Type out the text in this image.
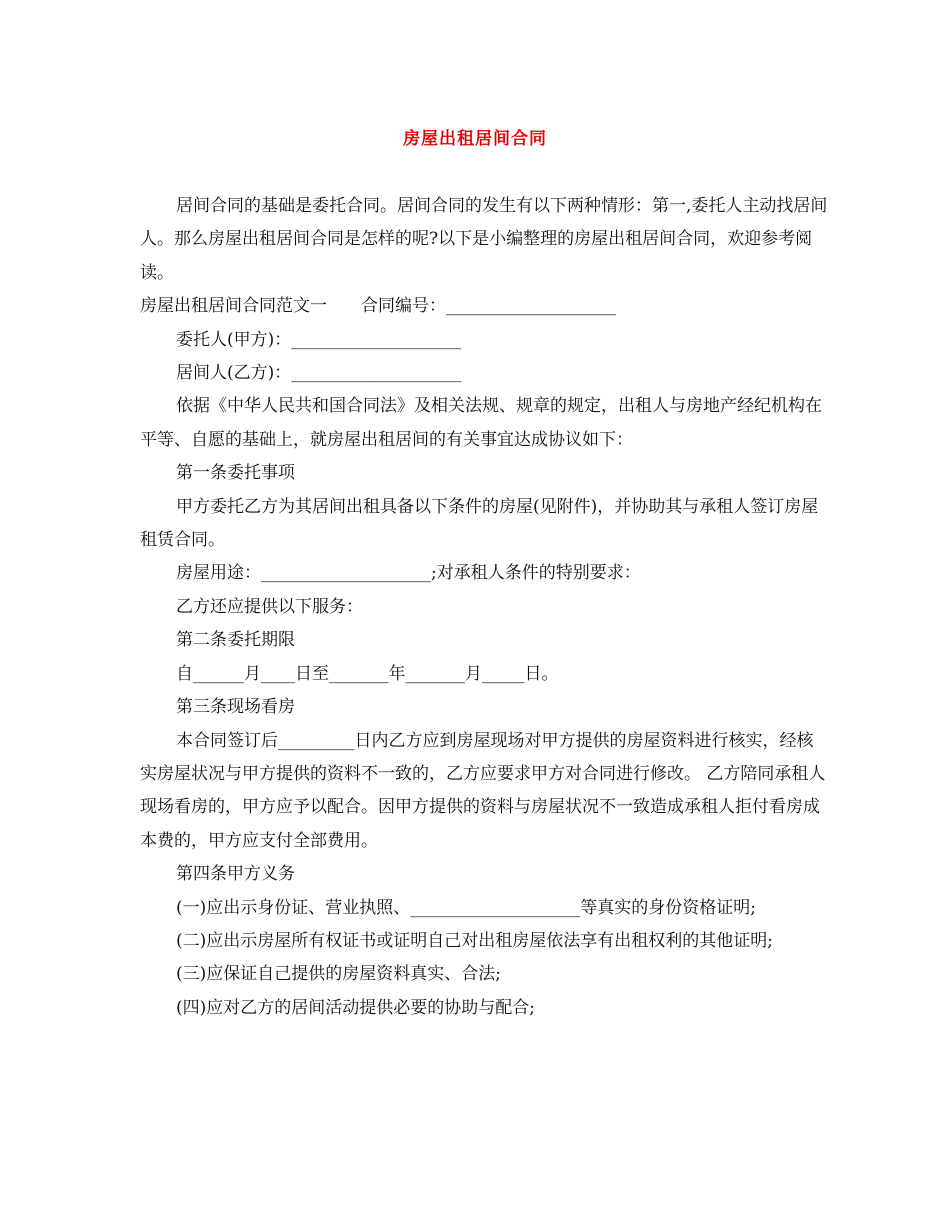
房屋出租居间合同

居间合同的基础是委托合同。居间合同的发生有以下两种情形：第一,委托人主动找居间人。那么房屋出租居间合同是怎样的呢?以下是小编整理的房屋出租居间合同，欢迎参考阅读。

房屋出租居间合同范文一　　合同编号：____________________

委托人(甲方)：____________________

居间人(乙方)：____________________

依据《中华人民共和国合同法》及相关法规、规章的规定，出租人与房地产经纪机构在平等、自愿的基础上，就房屋出租居间的有关事宜达成协议如下：

第一条委托事项

甲方委托乙方为其居间出租具备以下条件的房屋(见附件)，并协助其与承租人签订房屋租赁合同。

房屋用途：____________________;对承租人条件的特别要求：

乙方还应提供以下服务：

第二条委托期限

自______月____日至_______年_______月_____日。

第三条现场看房

本合同签订后_________日内乙方应到房屋现场对甲方提供的房屋资料进行核实，经核实房屋状况与甲方提供的资料不一致的，乙方应要求甲方对合同进行修改。 乙方陪同承租人现场看房的，甲方应予以配合。因甲方提供的资料与房屋状况不一致造成承租人拒付看房成本费的，甲方应支付全部费用。

第四条甲方义务

(一)应出示身份证、营业执照、____________________等真实的身份资格证明;

(二)应出示房屋所有权证书或证明自己对出租房屋依法享有出租权利的其他证明;

(三)应保证自己提供的房屋资料真实、合法;

(四)应对乙方的居间活动提供必要的协助与配合;
